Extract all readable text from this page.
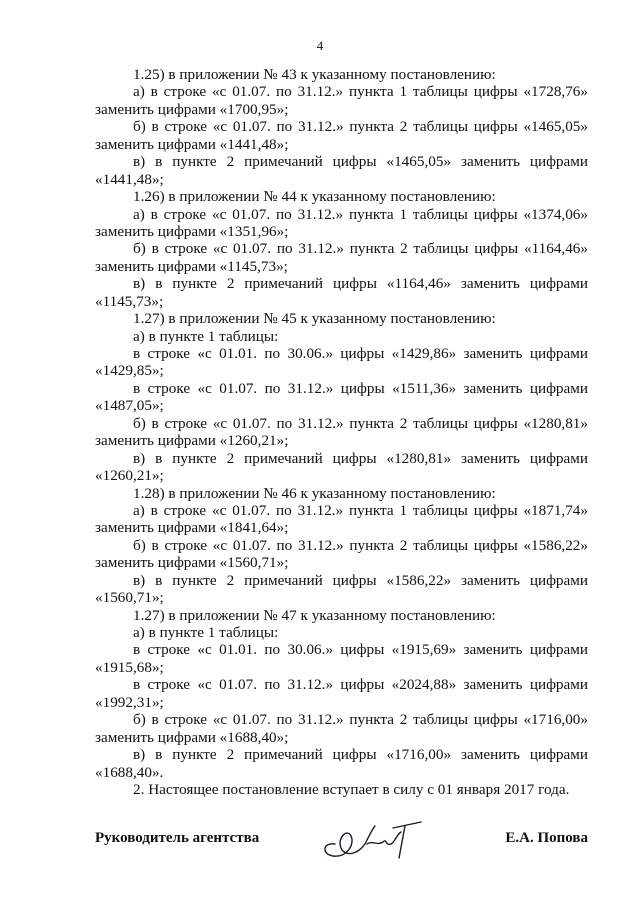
4
1.25) в приложении № 43 к указанному постановлению:
а) в строке «с 01.07. по 31.12.» пункта 1 таблицы цифры «1728,76»
заменить цифрами «1700,95»;
б) в строке «с 01.07. по 31.12.» пункта 2 таблицы цифры «1465,05»
заменить цифрами «1441,48»;
в) в пункте 2 примечаний цифры «1465,05» заменить цифрами
«1441,48»;
1.26) в приложении № 44 к указанному постановлению:
а) в строке «с 01.07. по 31.12.» пункта 1 таблицы цифры «1374,06»
заменить цифрами «1351,96»;
б) в строке «с 01.07. по 31.12.» пункта 2 таблицы цифры «1164,46»
заменить цифрами «1145,73»;
в) в пункте 2 примечаний цифры «1164,46» заменить цифрами
«1145,73»;
1.27) в приложении № 45 к указанному постановлению:
а) в пункте 1 таблицы:
в строке «с 01.01. по 30.06.» цифры «1429,86» заменить цифрами
«1429,85»;
в строке «с 01.07. по 31.12.» цифры «1511,36» заменить цифрами
«1487,05»;
б) в строке «с 01.07. по 31.12.» пункта 2 таблицы цифры «1280,81»
заменить цифрами «1260,21»;
в) в пункте 2 примечаний цифры «1280,81» заменить цифрами
«1260,21»;
1.28) в приложении № 46 к указанному постановлению:
а) в строке «с 01.07. по 31.12.» пункта 1 таблицы цифры «1871,74»
заменить цифрами «1841,64»;
б) в строке «с 01.07. по 31.12.» пункта 2 таблицы цифры «1586,22»
заменить цифрами «1560,71»;
в) в пункте 2 примечаний цифры «1586,22» заменить цифрами
«1560,71»;
1.27) в приложении № 47 к указанному постановлению:
а) в пункте 1 таблицы:
в строке «с 01.01. по 30.06.» цифры «1915,69» заменить цифрами
«1915,68»;
в строке «с 01.07. по 31.12.» цифры «2024,88» заменить цифрами
«1992,31»;
б) в строке «с 01.07. по 31.12.» пункта 2 таблицы цифры «1716,00»
заменить цифрами «1688,40»;
в) в пункте 2 примечаний цифры «1716,00» заменить цифрами
«1688,40».
2. Настоящее постановление вступает в силу с 01 января 2017 года.
Руководитель агентства	Е.А. Попова
